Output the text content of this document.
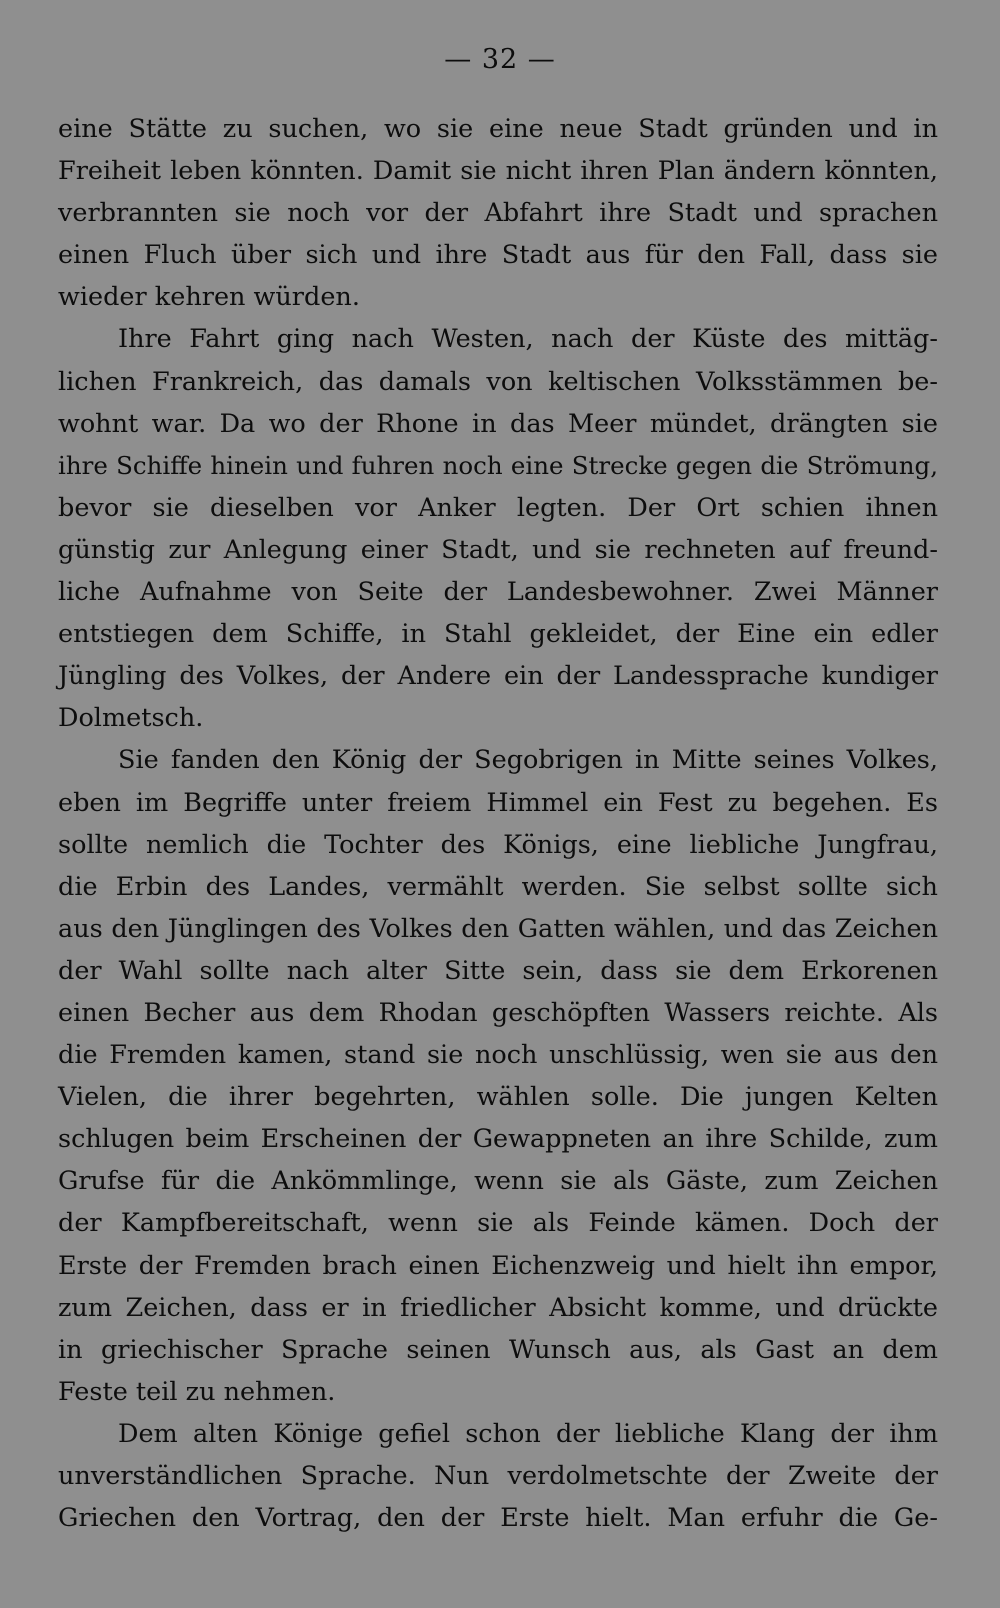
— 32 —
eine Stätte zu suchen, wo sie eine neue Stadt gründen und in
Freiheit leben könnten. Damit sie nicht ihren Plan ändern könnten,
verbrannten sie noch vor der Abfahrt ihre Stadt und sprachen
einen Fluch über sich und ihre Stadt aus für den Fall, dass sie
wieder kehren würden.
Ihre Fahrt ging nach Westen, nach der Küste des mittäg-
lichen Frankreich, das damals von keltischen Volksstämmen be-
wohnt war. Da wo der Rhone in das Meer mündet, drängten sie
ihre Schiffe hinein und fuhren noch eine Strecke gegen die Strömung,
bevor sie dieselben vor Anker legten. Der Ort schien ihnen
günstig zur Anlegung einer Stadt, und sie rechneten auf freund-
liche Aufnahme von Seite der Landesbewohner. Zwei Männer
entstiegen dem Schiffe, in Stahl gekleidet, der Eine ein edler
Jüngling des Volkes, der Andere ein der Landessprache kundiger
Dolmetsch.
Sie fanden den König der Segobrigen in Mitte seines Volkes,
eben im Begriffe unter freiem Himmel ein Fest zu begehen. Es
sollte nemlich die Tochter des Königs, eine liebliche Jungfrau,
die Erbin des Landes, vermählt werden. Sie selbst sollte sich
aus den Jünglingen des Volkes den Gatten wählen, und das Zeichen
der Wahl sollte nach alter Sitte sein, dass sie dem Erkorenen
einen Becher aus dem Rhodan geschöpften Wassers reichte. Als
die Fremden kamen, stand sie noch unschlüssig, wen sie aus den
Vielen, die ihrer begehrten, wählen solle. Die jungen Kelten
schlugen beim Erscheinen der Gewappneten an ihre Schilde, zum
Grufse für die Ankömmlinge, wenn sie als Gäste, zum Zeichen
der Kampfbereitschaft, wenn sie als Feinde kämen. Doch der
Erste der Fremden brach einen Eichenzweig und hielt ihn empor,
zum Zeichen, dass er in friedlicher Absicht komme, und drückte
in griechischer Sprache seinen Wunsch aus, als Gast an dem
Feste teil zu nehmen.
Dem alten Könige gefiel schon der liebliche Klang der ihm
unverständlichen Sprache. Nun verdolmetschte der Zweite der
Griechen den Vortrag, den der Erste hielt. Man erfuhr die Ge-
